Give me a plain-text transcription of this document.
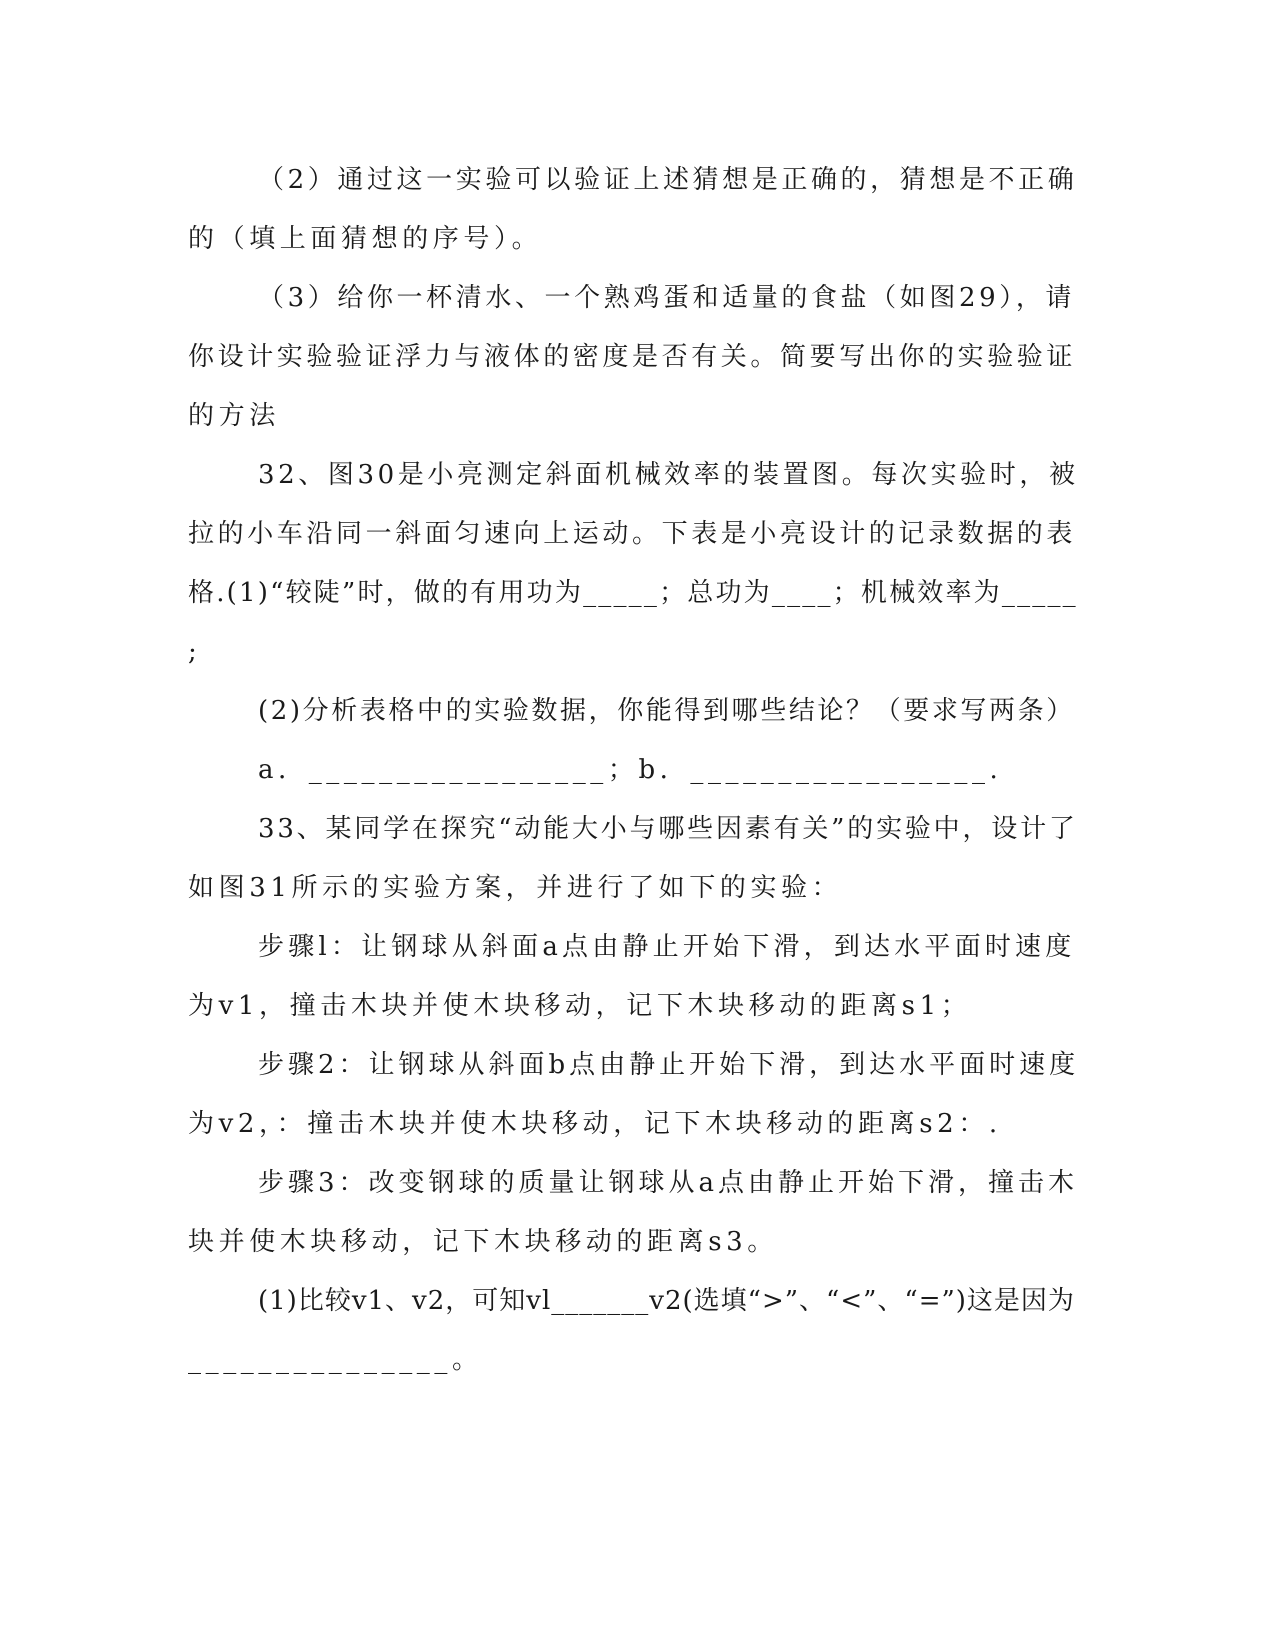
（2）通过这一实验可以验证上述猜想是正确的，猜想是不正确
的（填上面猜想的序号）。
（3）给你一杯清水、一个熟鸡蛋和适量的食盐（如图29），请
你设计实验验证浮力与液体的密度是否有关。简要写出你的实验验证
的方法
32、图30是小亮测定斜面机械效率的装置图。每次实验时，被
拉的小车沿同一斜面匀速向上运动。下表是小亮设计的记录数据的表
格.(1)“较陡”时，做的有用功为_____；总功为____；机械效率为_____
;
(2)分析表格中的实验数据，你能得到哪些结论？（要求写两条）
a．_________________；b．_________________.
33、某同学在探究“动能大小与哪些因素有关”的实验中，设计了
如图31所示的实验方案，并进行了如下的实验：
步骤l：让钢球从斜面a点由静止开始下滑，到达水平面时速度
为v1，撞击木块并使木块移动，记下木块移动的距离s1；
步骤2：让钢球从斜面b点由静止开始下滑，到达水平面时速度
为v2，：撞击木块并使木块移动，记下木块移动的距离s2：.
步骤3：改变钢球的质量让钢球从a点由静止开始下滑，撞击木
块并使木块移动，记下木块移动的距离s3。
(1)比较v1、v2，可知vl_______v2(选填“>”、“<”、“=”)这是因为
_______________。
